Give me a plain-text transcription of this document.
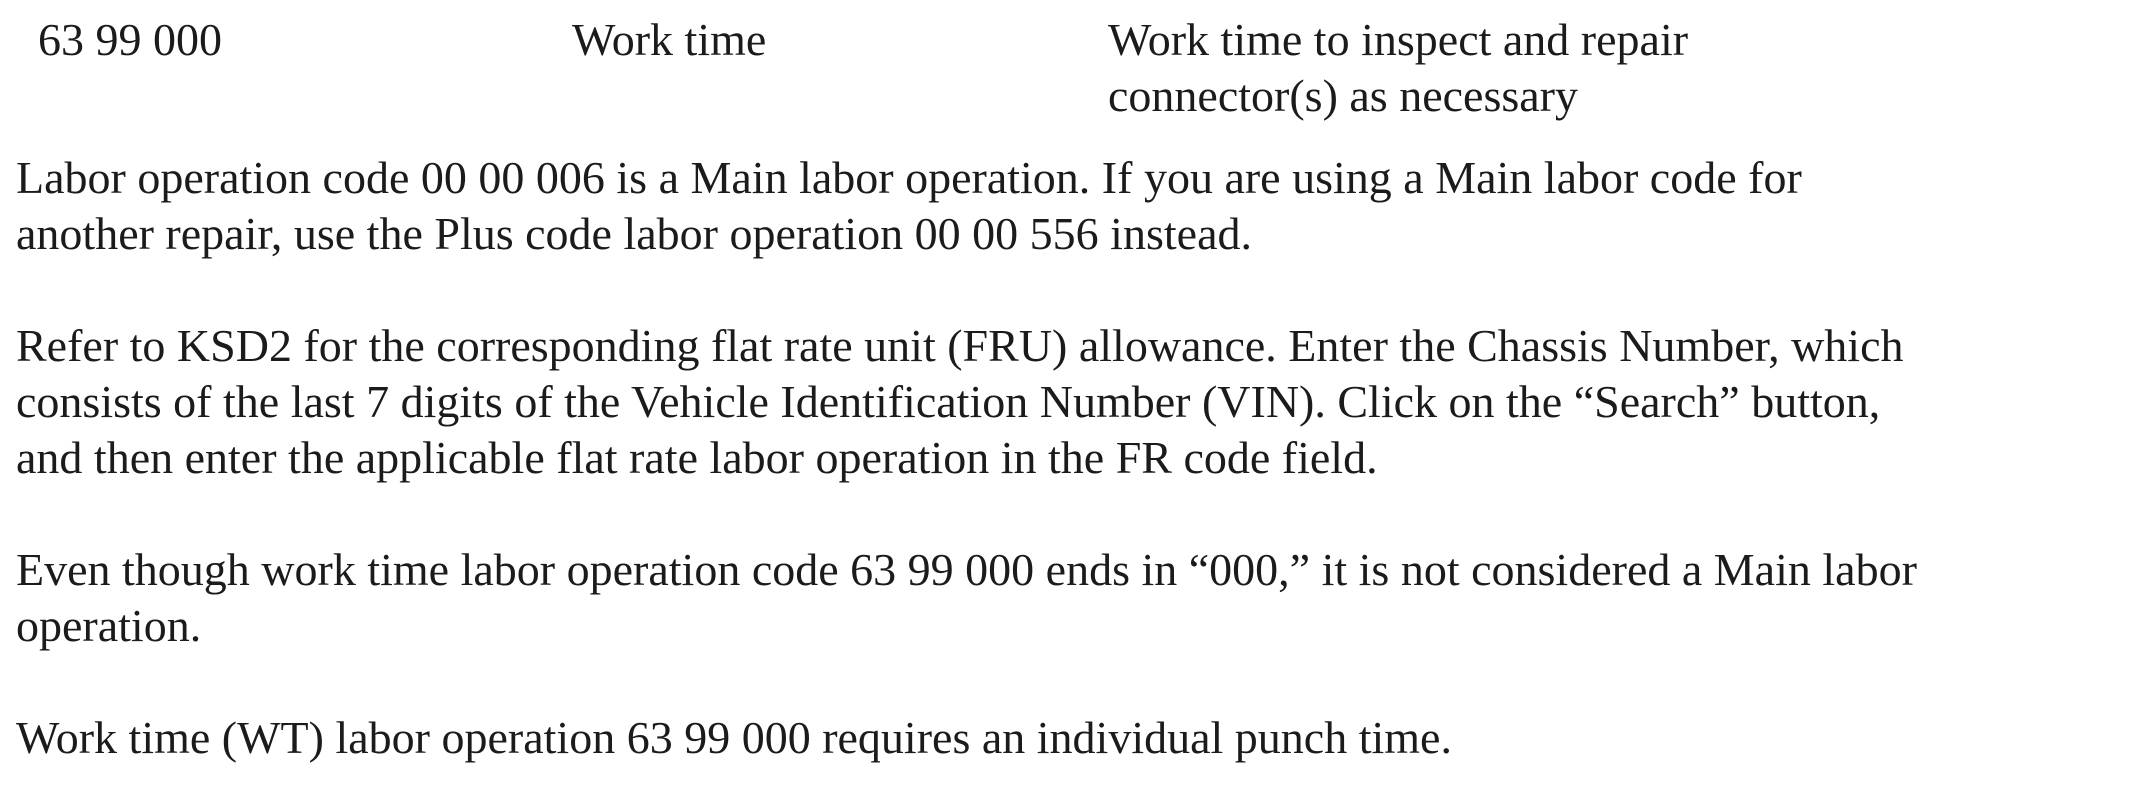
63 99 000	Work time	Work time to inspect and repair
connector(s) as necessary

Labor operation code 00 00 006 is a Main labor operation. If you are using a Main labor code for
another repair, use the Plus code labor operation 00 00 556 instead.

Refer to KSD2 for the corresponding flat rate unit (FRU) allowance. Enter the Chassis Number, which
consists of the last 7 digits of the Vehicle Identification Number (VIN). Click on the “Search” button,
and then enter the applicable flat rate labor operation in the FR code field.

Even though work time labor operation code 63 99 000 ends in “000,” it is not considered a Main labor
operation.

Work time (WT) labor operation 63 99 000 requires an individual punch time.
